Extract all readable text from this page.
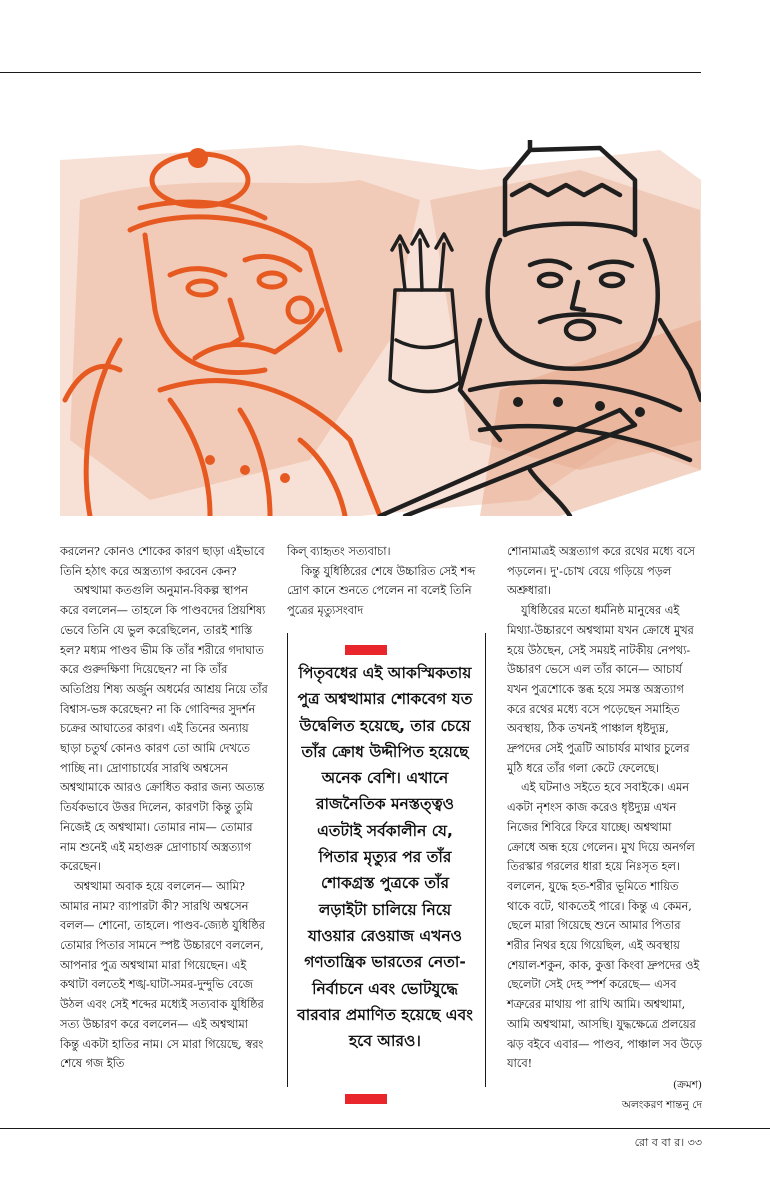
করলেন? কোনও শোকের কারণ ছাড়া এইভাবে তিনি হঠাৎ করে অস্ত্রত্যাগ করবেন কেন?

অশ্বত্থামা কতগুলি অনুমান-বিকল্প স্থাপন করে বললেন— তাহলে কি পাণ্ডবদের প্রিয়শিষ্য ভেবে তিনি যে ভুল করেছিলেন, তারই শাস্তি হল? মধ্যম পাণ্ডব ভীম কি তাঁর শরীরে গদাঘাত করে গুরুদক্ষিণা দিয়েছেন? না কি তাঁর অতিপ্রিয় শিষ্য অর্জুন অধর্মের আশ্রয় নিয়ে তাঁর বিশ্বাস-ভঙ্গ করেছেন? না কি গোবিন্দর সুদর্শন চক্রের আঘাতের কারণ। এই তিনের অন্যায় ছাড়া চতুর্থ কোনও কারণ তো আমি দেখতে পাচ্ছি না। দ্রোণাচার্যের সারথি অশ্বসেন অশ্বত্থামাকে আরও ক্রোধিত করার জন্য অত্যন্ত তির্যকভাবে উত্তর দিলেন, কারণটা কিন্তু তুমি নিজেই হে অশ্বত্থামা। তোমার নাম— তোমার নাম শুনেই এই মহাগুরু দ্রোণাচার্য অস্ত্রত্যাগ করেছেন।

অশ্বত্থামা অবাক হয়ে বললেন— আমি? আমার নাম? ব্যাপারটা কী? সারথি অশ্বসেন বলল— শোনো, তাহলে। পাণ্ডব-জ্যেষ্ঠ যুধিষ্ঠির তোমার পিতার সামনে স্পষ্ট উচ্চারণে বললেন, আপনার পুত্র অশ্বত্থামা মারা গিয়েছেন। এই কথাটা বলতেই শঙ্খ-ঘাটা-সমর-দুন্দুভি বেজে উঠল এবং সেই শব্দের মধ্যেই সত্যবাক যুধিষ্ঠির সত্য উচ্চারণ করে বললেন— এই অশ্বত্থামা কিন্তু একটা হাতির নাম। সে মারা গিয়েছে, স্বরং শেষে গজ ইতি

কিল্ ব্যাহৃতং সত্যবাচা।

কিন্তু যুধিষ্ঠিরের শেষে উচ্চারিত সেই শব্দ দ্রোণ কানে শুনতে পেলেন না বলেই তিনি পুত্রের মৃত্যুসংবাদ

পিতৃবধের এই আকস্মিকতায় পুত্র অশ্বত্থামার শোকবেগ যত উদ্বেলিত হয়েছে, তার চেয়ে তাঁর ক্রোধ উদ্দীপিত হয়েছে অনেক বেশি। এখানে রাজনৈতিক মনস্তত্ত্বও এতটাই সর্বকালীন যে, পিতার মৃত্যুর পর তাঁর শোকগ্রস্ত পুত্রকে তাঁর লড়াইটা চালিয়ে নিয়ে যাওয়ার রেওয়াজ এখনও গণতান্ত্রিক ভারতের নেতা-নির্বাচনে এবং ভোটযুদ্ধে বারবার প্রমাণিত হয়েছে এবং হবে আরও।

শোনামাত্রই অস্ত্রত্যাগ করে রথের মধ্যে বসে পড়লেন। দু'-চোখ বেয়ে গড়িয়ে পড়ল অশ্রুধারা।

যুধিষ্ঠিরের মতো ধর্মনিষ্ঠ মানুষের এই মিথ্যা-উচ্চারণে অশ্বত্থামা যখন ক্রোধে মুখর হয়ে উঠছেন, সেই সময়ই নাটকীয় নেপথ্য-উচ্চারণ ভেসে এল তাঁর কানে— আচার্য যখন পুত্রশোকে স্তব্ধ হয়ে সমস্ত অস্ত্রত্যাগ করে রথের মধ্যে বসে পড়েছেন সমাহিত অবস্থায়, ঠিক তখনই পাঞ্চাল ধৃষ্টদ্যুম্ন, দ্রুপদের সেই পুত্রটি আচার্যর মাথার চুলের মুঠি ধরে তাঁর গলা কেটে ফেলেছে।

এই ঘটনাও সইতে হবে সবাইকে। এমন একটা নৃশংস কাজ করেও ধৃষ্টদ্যুম্ন এখন নিজের শিবিরে ফিরে যাচ্ছে। অশ্বত্থামা ক্রোধে অন্ধ হয়ে গেলেন। মুখ দিয়ে অনর্গল তিরস্কার গরলের ধারা হয়ে নিঃসৃত হল। বললেন, যুদ্ধে হত-শরীর ভূমিতে শায়িত থাকে বটে, থাকতেই পারে। কিন্তু এ কেমন, ছেলে মারা গিয়েছে শুনে আমার পিতার শরীর নিথর হয়ে গিয়েছিল, এই অবস্থায় শেয়াল-শকুন, কাক, কুত্তা কিংবা দ্রুপদের ওই ছেলেটা সেই দেহ স্পর্শ করেছে— এসব শত্রুরের মাথায় পা রাখি আমি। অশ্বত্থামা, আমি অশ্বত্থামা, আসছি। যুদ্ধক্ষেত্রে প্রলয়ের ঝড় বইবে এবার— পাণ্ডব, পাঞ্চাল সব উড়ে যাবে!

(ক্রমশ)
অলংকরণ শান্তনু দে
রো ব বা র। ৩৩
